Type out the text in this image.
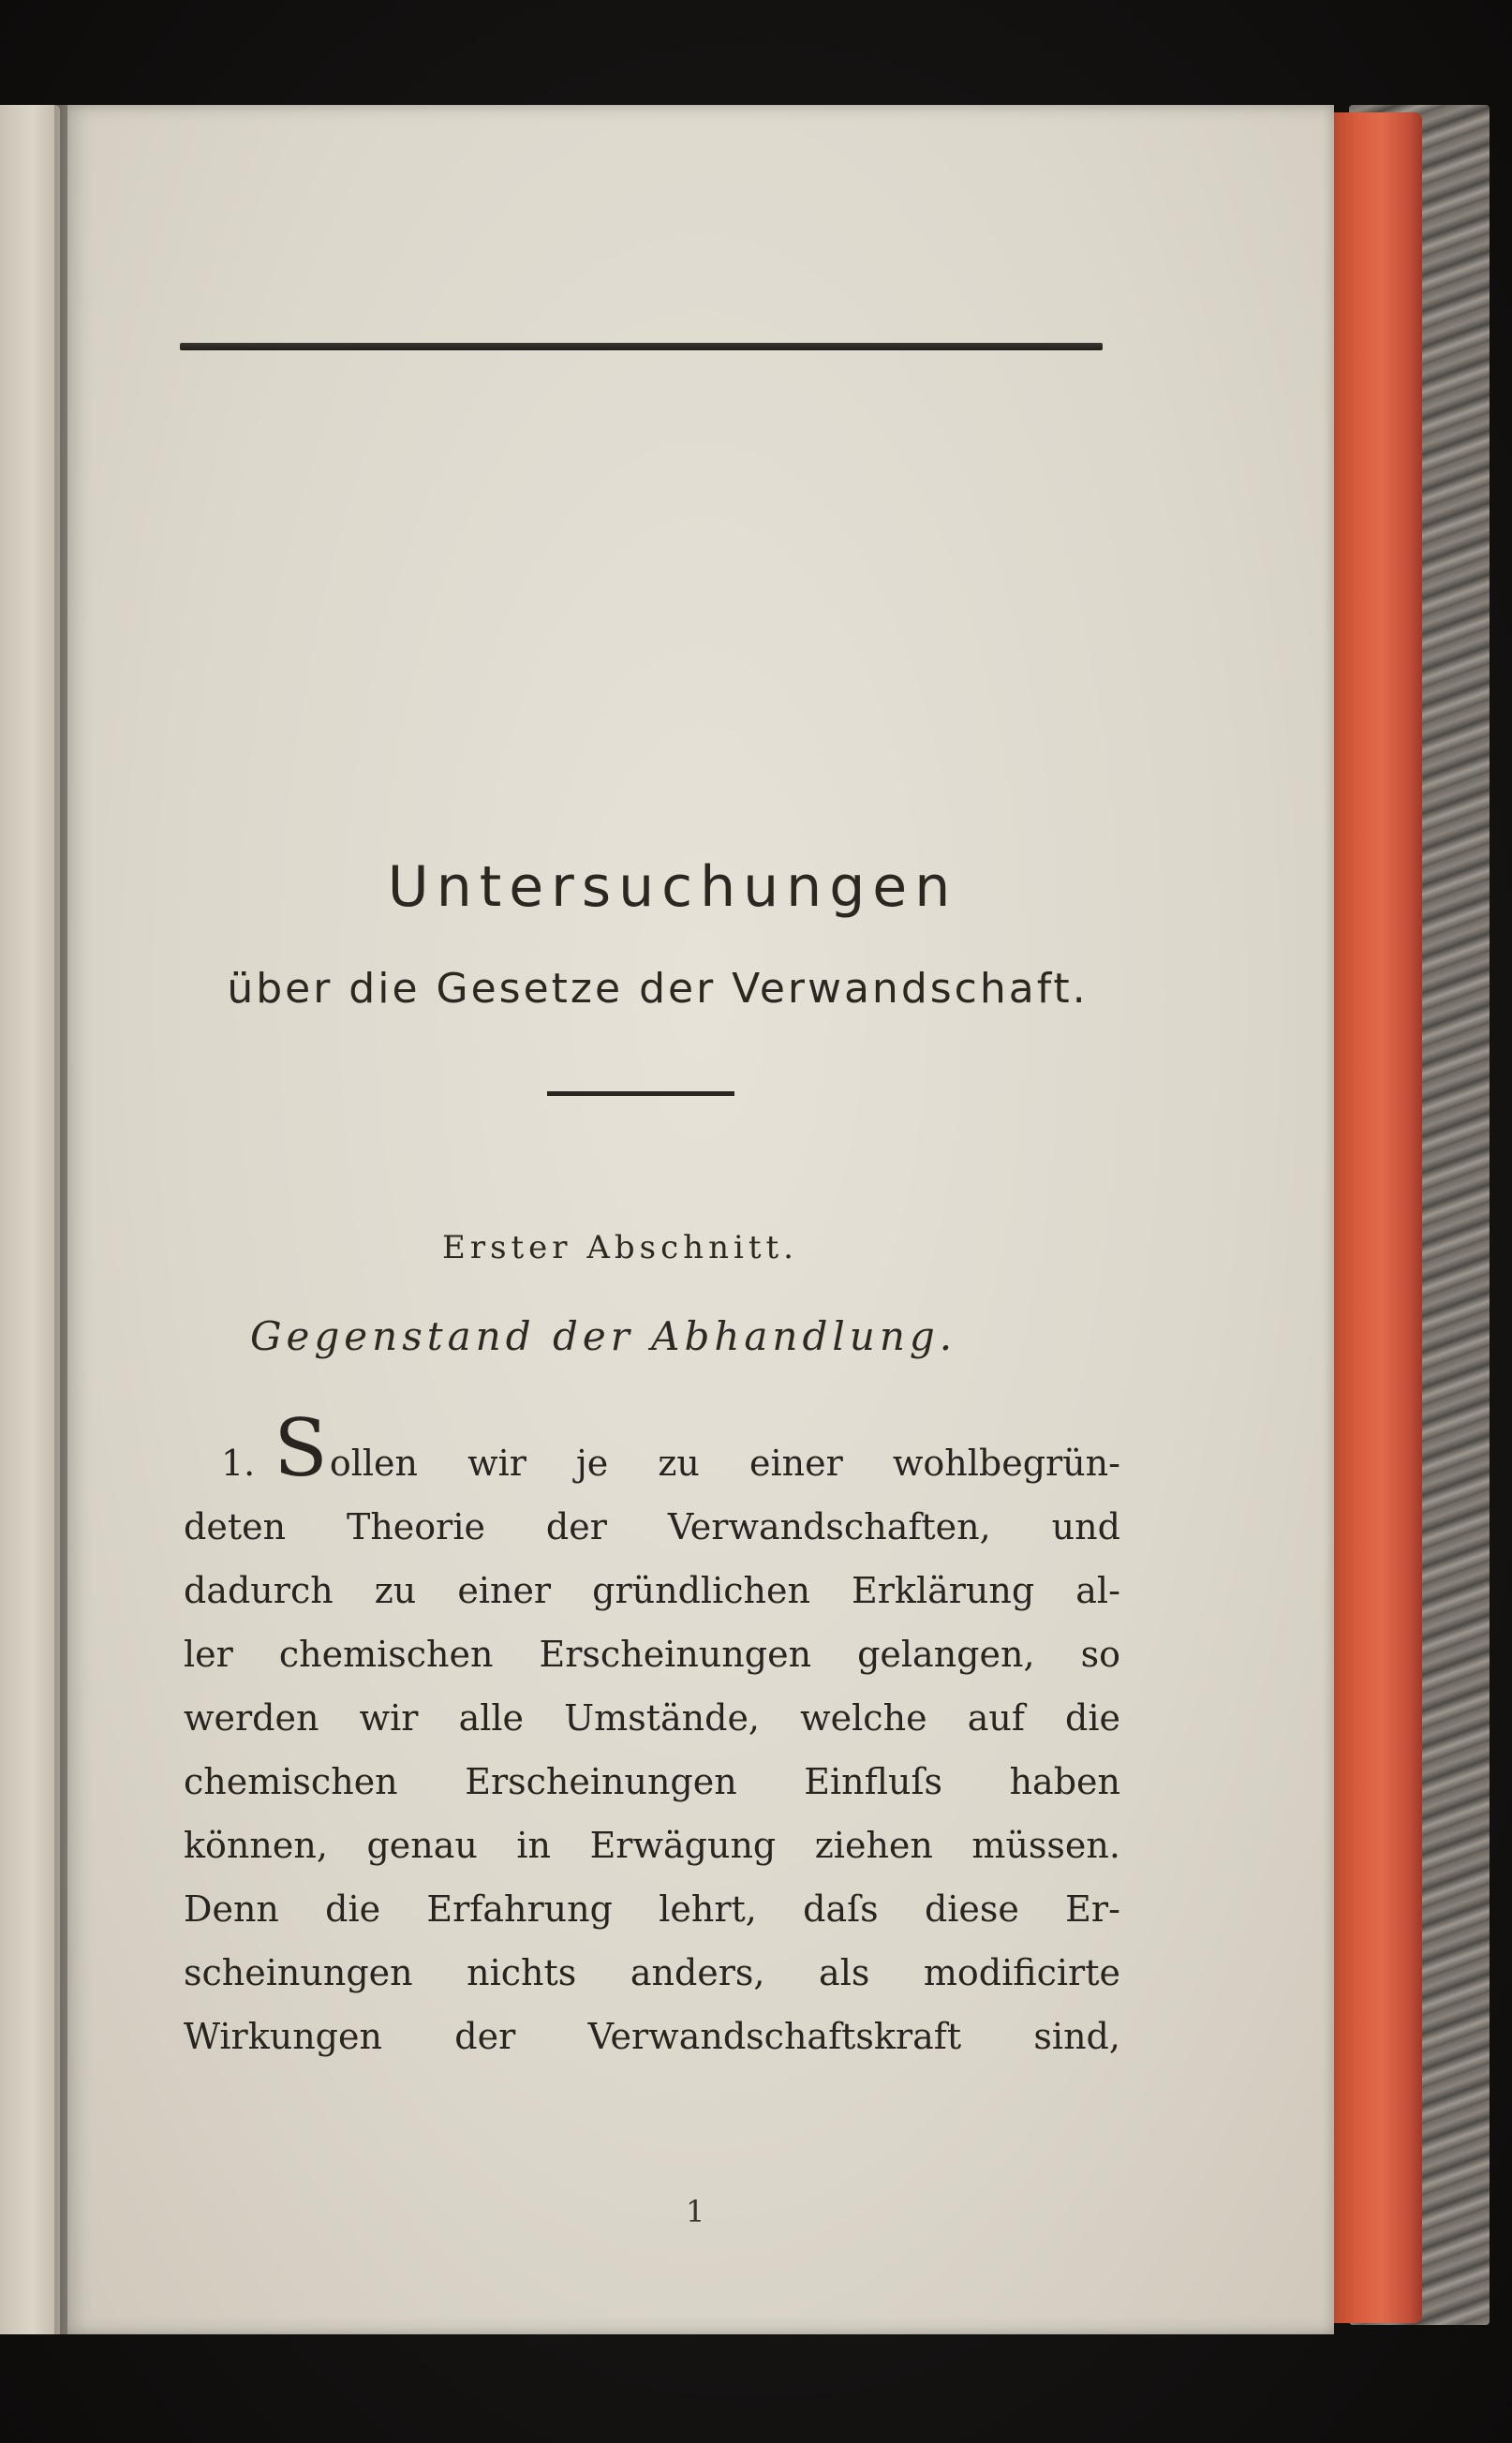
Untersuchungen
über die Gesetze der Verwandschaft.
Erster Abschnitt.
Gegenstand der Abhandlung.
1. Sollen wir je zu einer wohlbegrün-
deten Theorie der Verwandschaften, und
dadurch zu einer gründlichen Erklärung al-
ler chemischen Erscheinungen gelangen, so
werden wir alle Umstände, welche auf die
chemischen Erscheinungen Einfluſs haben
können, genau in Erwägung ziehen müssen.
Denn die Erfahrung lehrt, daſs diese Er-
scheinungen nichts anders, als modificirte
Wirkungen der Verwandschaftskraft sind,
1
